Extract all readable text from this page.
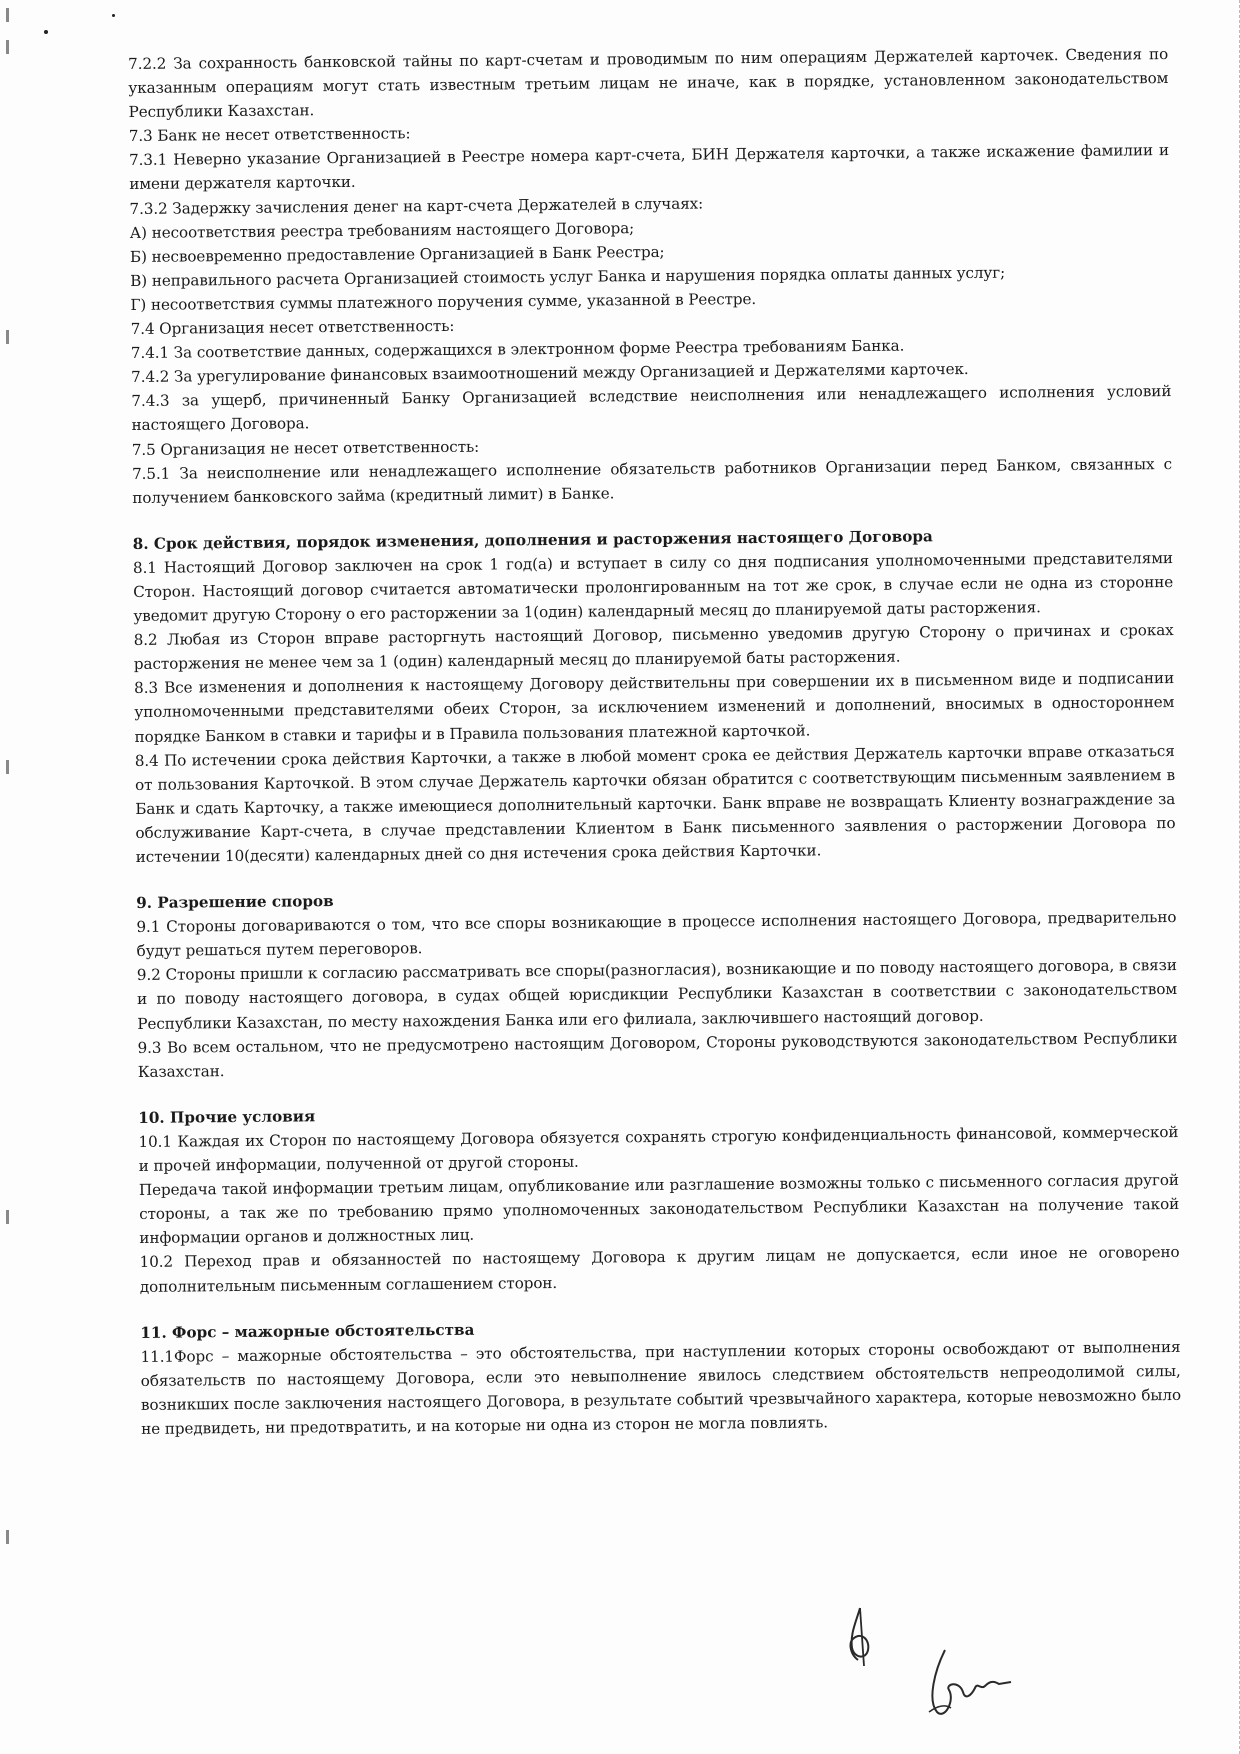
7.2.2 За сохранность банковской тайны по карт-счетам и проводимым по ним операциям Держателей карточек. Сведения по указанным операциям могут стать известным третьим лицам не иначе, как в порядке, установленном законодательством Республики Казахстан.

7.3 Банк не несет ответственность:

7.3.1 Неверно указание Организацией в Реестре номера карт-счета, БИН Держателя карточки, а также искажение фамилии и имени держателя карточки.

7.3.2 Задержку зачисления денег на карт-счета Держателей в случаях:

А) несоответствия реестра требованиям настоящего Договора;

Б) несвоевременно предоставление Организацией в Банк Реестра;

В) неправильного расчета Организацией стоимость услуг Банка и нарушения порядка оплаты данных услуг;

Г) несоответствия суммы платежного поручения сумме, указанной в Реестре.

7.4 Организация несет ответственность:

7.4.1 За соответствие данных, содержащихся в электронном форме Реестра требованиям Банка.

7.4.2 За урегулирование финансовых взаимоотношений между Организацией и Держателями карточек.

7.4.3 за ущерб, причиненный Банку Организацией вследствие неисполнения или ненадлежащего исполнения условий настоящего Договора.

7.5 Организация не несет ответственность:

7.5.1 За неисполнение или ненадлежащего исполнение обязательств работников Организации перед Банком, связанных с получением банковского займа (кредитный лимит) в Банке.

8. Срок действия, порядок изменения, дополнения и расторжения настоящего Договора

8.1 Настоящий Договор заключен на срок 1 год(а) и вступает в силу со дня подписания уполномоченными представителями Сторон. Настоящий договор считается автоматически пролонгированным на тот же срок, в случае если не одна из сторонне уведомит другую Сторону о его расторжении за 1(один) календарный месяц до планируемой даты расторжения.

8.2 Любая из Сторон вправе расторгнуть настоящий Договор, письменно уведомив другую Сторону о причинах и сроках расторжения не менее чем за 1 (один) календарный месяц до планируемой баты расторжения.

8.3 Все изменения и дополнения к настоящему Договору действительны при совершении их в письменном виде и подписании уполномоченными представителями обеих Сторон, за исключением изменений и дополнений, вносимых в одностороннем порядке Банком в ставки и тарифы и в Правила пользования платежной карточкой.

8.4 По истечении срока действия Карточки, а также в любой момент срока ее действия Держатель карточки вправе отказаться от пользования Карточкой. В этом случае Держатель карточки обязан обратится с соответствующим письменным заявлением в Банк и сдать Карточку, а также имеющиеся дополнительный карточки. Банк вправе не возвращать Клиенту вознаграждение за обслуживание Карт-счета, в случае представлении Клиентом в Банк письменного заявления о расторжении Договора по истечении 10(десяти) календарных дней со дня истечения срока действия Карточки.

9. Разрешение споров

9.1 Стороны договариваются о том, что все споры возникающие в процессе исполнения настоящего Договора, предварительно будут решаться путем переговоров.

9.2 Стороны пришли к согласию рассматривать все споры(разногласия), возникающие и по поводу настоящего договора, в связи и по поводу настоящего договора, в судах общей юрисдикции Республики Казахстан в соответствии с законодательством Республики Казахстан, по месту нахождения Банка или его филиала, заключившего настоящий договор.

9.3 Во всем остальном, что не предусмотрено настоящим Договором, Стороны руководствуются законодательством Республики Казахстан.

10. Прочие условия

10.1 Каждая их Сторон по настоящему Договора обязуется сохранять строгую конфиденциальность финансовой, коммерческой и прочей информации, полученной от другой стороны.

Передача такой информации третьим лицам, опубликование или разглашение возможны только с письменного согласия другой стороны, а так же по требованию прямо уполномоченных законодательством Республики Казахстан на получение такой информации органов и должностных лиц.

10.2 Переход прав и обязанностей по настоящему Договора к другим лицам не допускается, если иное не оговорено дополнительным письменным соглашением сторон.

11. Форс – мажорные обстоятельства

11.1Форс – мажорные обстоятельства – это обстоятельства, при наступлении которых стороны освобождают от выполнения обязательств по настоящему Договора, если это невыполнение явилось следствием обстоятельств непреодолимой силы, возникших после заключения настоящего Договора, в результате событий чрезвычайного характера, которые невозможно было не предвидеть, ни предотвратить, и на которые ни одна из сторон не могла повлиять.
